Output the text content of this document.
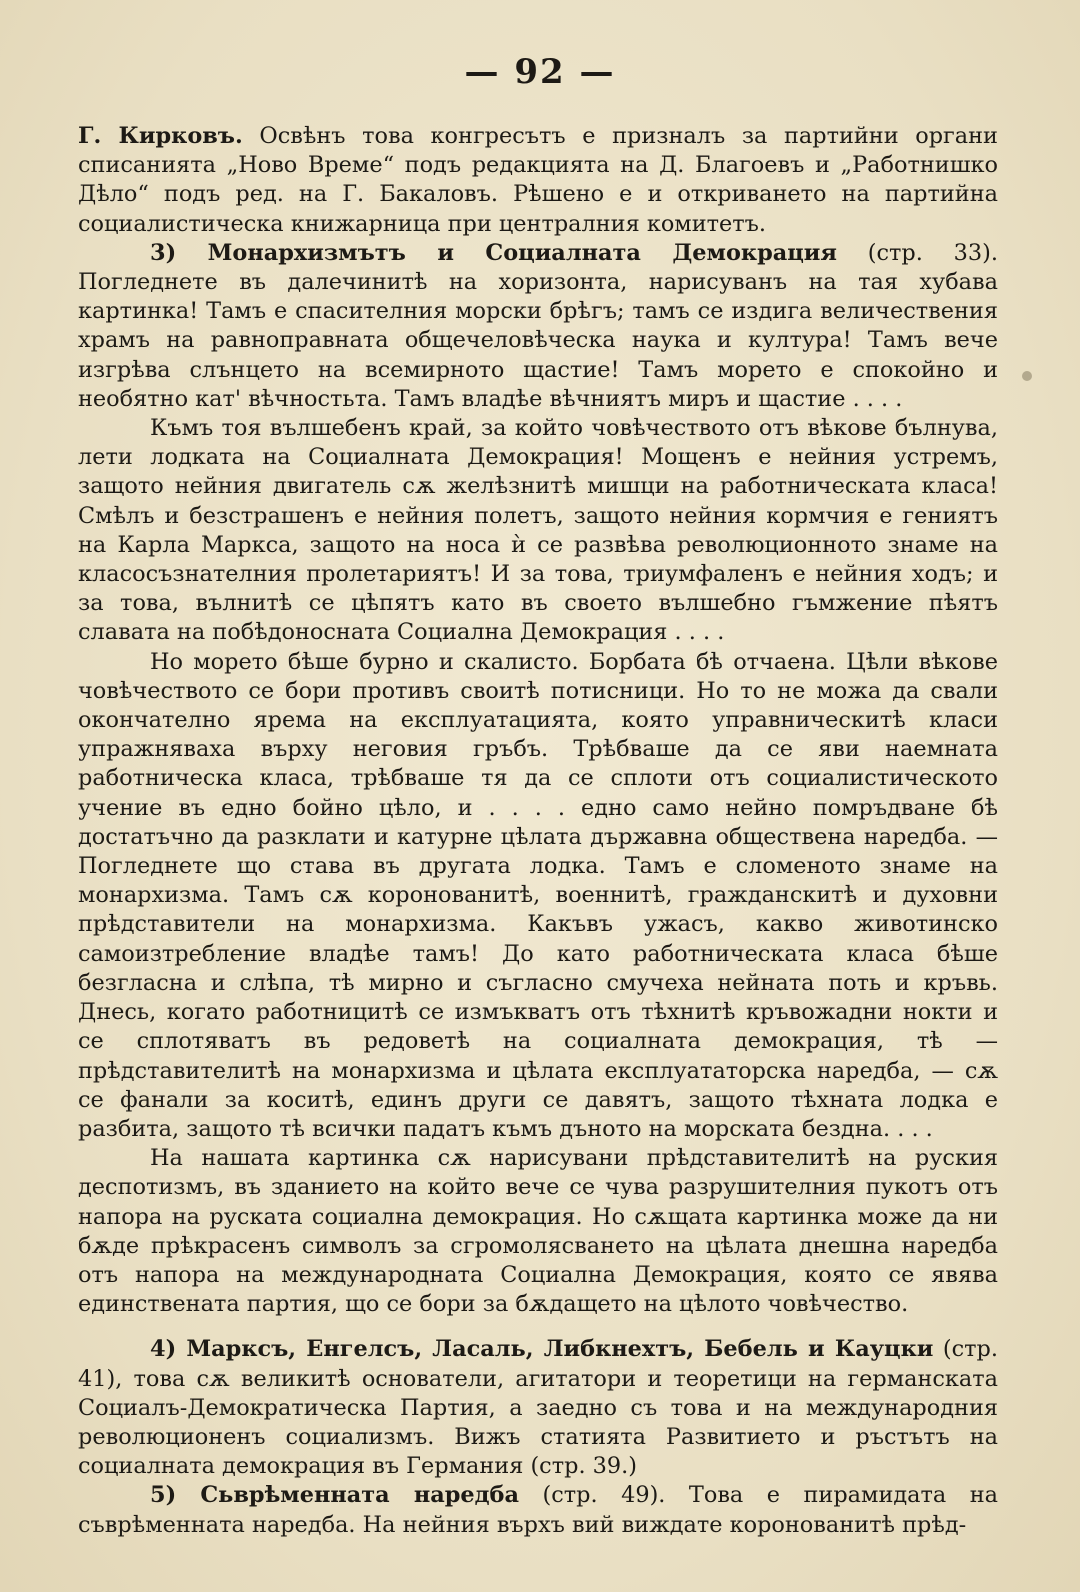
— 92 —

Г. Кирковъ. Освѣнъ това конгресътъ е призналъ за партийни органи списанията „Ново Време“ подъ редакцията на Д. Благоевъ и „Работнишко Дѣло“ подъ ред. на Г. Бакаловъ. Рѣшено е и откриването на партийна социалистическа книжарница при централния комитетъ.

3) Монархизмътъ и Социалната Демокрация (стр. 33). Погледнете въ далечинитѣ на хоризонта, нарисуванъ на тая хубава картинка! Тамъ е спасителния морски брѣгъ; тамъ се издига величествения храмъ на равноправната общечеловѣческа наука и култура! Тамъ вече изгрѣва слънцето на всемирното щастие! Тамъ морето е спокойно и необятно кат' вѣчностьта. Тамъ владѣе вѣчниятъ миръ и щастие . . . .

Къмъ тоя вълшебенъ край, за който човѣчеството отъ вѣкове бълнува, лети лодката на Социалната Демокрация! Мощенъ е нейния устремъ, защото нейния двигатель сѫ желѣзнитѣ мишци на работническата класа! Смѣлъ и безстрашенъ е нейния полетъ, защото нейния кормчия е гениятъ на Карла Маркса, защото на носа ѝ се развѣва революционното знаме на класосъзнателния пролетариятъ! И за това, триумфаленъ е нейния ходъ; и за това, вълнитѣ се цѣпятъ като въ своето вълшебно гъмжение пѣятъ славата на побѣдоносната Социална Демокрация . . . .

Но морето бѣше бурно и скалисто. Борбата бѣ отчаена. Цѣли вѣкове човѣчеството се бори противъ своитѣ потисници. Но то не можа да свали окончателно ярема на експлуатацията, която управническитѣ класи упражняваха върху неговия гръбъ. Трѣбваше да се яви наемната работническа класа, трѣбваше тя да се сплоти отъ социалистическото учение въ едно бойно цѣло, и . . . . едно само нейно помръдване бѣ достатъчно да разклати и катурне цѣлата държавна обществена наредба. — Погледнете що става въ другата лодка. Тамъ е сломеното знаме на монархизма. Тамъ сѫ коронованитѣ, военнитѣ, гражданскитѣ и духовни прѣдставители на монархизма. Какъвъ ужасъ, какво животинско самоизтребление владѣе тамъ! До като работническата класа бѣше безгласна и слѣпа, тѣ мирно и съгласно смучеха нейната поть и кръвь. Днесь, когато работницитѣ се измъкватъ отъ тѣхнитѣ кръвожадни нокти и се сплотяватъ въ редоветѣ на социалната демокрация, тѣ — прѣдставителитѣ на монархизма и цѣлата експлуататорска наредба, — сѫ се фанали за коситѣ, единъ други се давятъ, защото тѣхната лодка е разбита, защото тѣ всички падатъ къмъ дъното на морската бездна. . . .

На нашата картинка сѫ нарисувани прѣдставителитѣ на руския деспотизмъ, въ зданието на който вече се чува разрушителния пукотъ отъ напора на руската социална демокрация. Но сѫщата картинка може да ни бѫде прѣкрасенъ символъ за сгромолясването на цѣлата днешна наредба отъ напора на международната Социална Демокрация, която се явява единствената партия, що се бори за бѫдащето на цѣлото човѣчество.

4) Марксъ, Енгелсъ, Ласаль, Либкнехтъ, Бебель и Кауцки (стр. 41), това сѫ великитѣ основатели, агитатори и теоретици на германската Социалъ-Демократическа Партия, а заедно съ това и на международния революционенъ социализмъ. Вижъ статията Развитието и ръстътъ на социалната демокрация въ Германия (стр. 39.)

5) Сьврѣменната наредба (стр. 49). Това е пирамидата на съврѣменната наредба. На нейния върхъ вий виждате коронованитѣ прѣд-
